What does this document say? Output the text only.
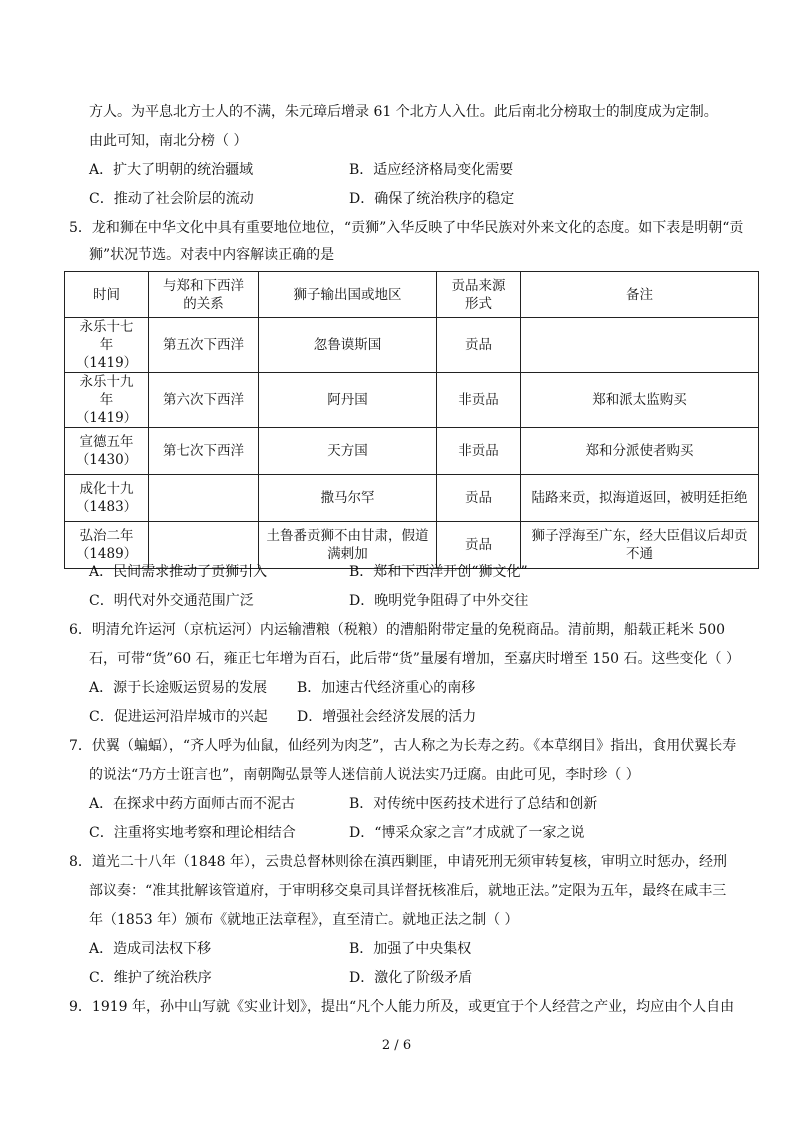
方人。为平息北方士人的不满，朱元璋后增录 61 个北方人入仕。此后南北分榜取士的制度成为定制。
由此可知，南北分榜（ ）
A．扩大了明朝的统治疆域	B．适应经济格局变化需要
C．推动了社会阶层的流动	D．确保了统治秩序的稳定
5．龙和狮在中华文化中具有重要地位地位，“贡狮”入华反映了中华民族对外来文化的态度。如下表是明朝“贡
狮”状况节选。对表中内容解读正确的是
时间	与郑和下西洋的关系	狮子输出国或地区	贡品来源形式	备注
永乐十七年（1419）	第五次下西洋	忽鲁谟斯国	贡品	
永乐十九年（1419）	第六次下西洋	阿丹国	非贡品	郑和派太监购买
宣德五年（1430）	第七次下西洋	天方国	非贡品	郑和分派使者购买
成化十九（1483）		撒马尔罕	贡品	陆路来贡，拟海道返回，被明廷拒绝
弘治二年（1489）		土鲁番贡狮不由甘肃，假道满剌加	贡品	狮子浮海至广东，经大臣倡议后却贡不通
A．民间需求推动了贡狮引入	B．郑和下西洋开创“狮文化”
C．明代对外交通范围广泛	D．晚明党争阻碍了中外交往
6．明清允许运河（京杭运河）内运输漕粮（税粮）的漕船附带定量的免税商品。清前期，船载正耗米 500
石，可带“货”60 石，雍正七年增为百石，此后带“货”量屡有增加，至嘉庆时增至 150 石。这些变化（ ）
A．源于长途贩运贸易的发展 B．加速古代经济重心的南移
C．促进运河沿岸城市的兴起 D．增强社会经济发展的活力
7．伏翼（蝙蝠），“齐人呼为仙鼠，仙经列为肉芝”，古人称之为长寿之药。《本草纲目》指出，食用伏翼长寿
的说法“乃方士诳言也”，南朝陶弘景等人迷信前人说法实乃迂腐。由此可见，李时珍（ ）
A．在探求中药方面师古而不泥古	B．对传统中医药技术进行了总结和创新
C．注重将实地考察和理论相结合	D．“博采众家之言”才成就了一家之说
8．道光二十八年（1848 年），云贵总督林则徐在滇西剿匪，申请死刑无须审转复核，审明立时惩办，经刑
部议奏：“准其批解该管道府，于审明移交臬司具详督抚核准后，就地正法。”定限为五年，最终在咸丰三
年（1853 年）颁布《就地正法章程》，直至清亡。就地正法之制（ ）
A．造成司法权下移	B．加强了中央集权
C．维护了统治秩序	D．激化了阶级矛盾
9．1919 年，孙中山写就《实业计划》，提出“凡个人能力所及，或更宜于个人经营之产业，均应由个人自由
2 / 6
